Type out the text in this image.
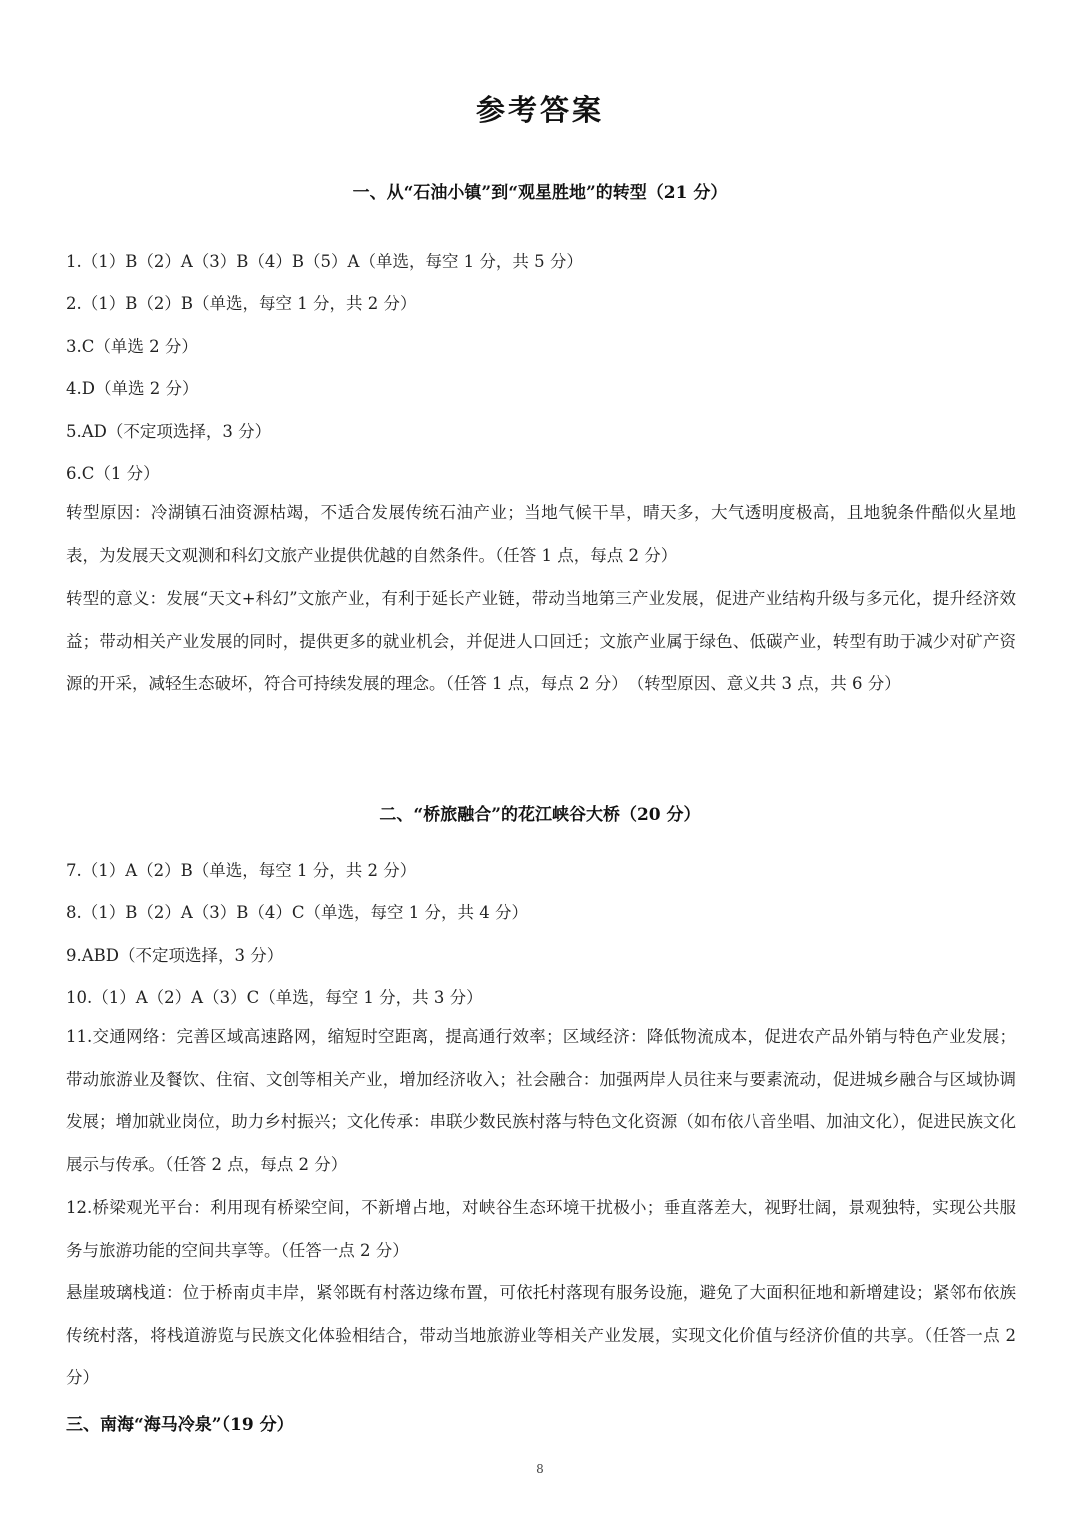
参考答案
一、从“石油小镇”到“观星胜地”的转型（21 分）
1.（1）B（2）A（3）B（4）B（5）A（单选，每空 1 分，共 5 分）
2.（1）B（2）B（单选，每空 1 分，共 2 分）
3.C（单选 2 分）
4.D（单选 2 分）
5.AD（不定项选择，3 分）
6.C（1 分）
转型原因：冷湖镇石油资源枯竭，不适合发展传统石油产业；当地气候干旱，晴天多，大气透明度极高，且地貌条件酷似火星地表，为发展天文观测和科幻文旅产业提供优越的自然条件。（任答 1 点，每点 2 分）
转型的意义：发展“天文+科幻”文旅产业，有利于延长产业链，带动当地第三产业发展，促进产业结构升级与多元化，提升经济效益；带动相关产业发展的同时，提供更多的就业机会，并促进人口回迁；文旅产业属于绿色、低碳产业，转型有助于减少对矿产资源的开采，减轻生态破坏，符合可持续发展的理念。（任答 1 点，每点 2 分）　（转型原因、意义共 3 点，共 6 分）
二、“桥旅融合”的花江峡谷大桥（20 分）
7.（1）A（2）B（单选，每空 1 分，共 2 分）
8.（1）B（2）A（3）B（4）C（单选，每空 1 分，共 4 分）
9.ABD（不定项选择，3 分）
10.（1）A（2）A（3）C（单选，每空 1 分，共 3 分）
11.交通网络：完善区域高速路网，缩短时空距离，提高通行效率；区域经济：降低物流成本，促进农产品外销与特色产业发展；带动旅游业及餐饮、住宿、文创等相关产业，增加经济收入；社会融合：加强两岸人员往来与要素流动，促进城乡融合与区域协调发展；增加就业岗位，助力乡村振兴；文化传承：串联少数民族村落与特色文化资源（如布依八音坐唱、加油文化），促进民族文化展示与传承。（任答 2 点，每点 2 分）
12.桥梁观光平台：利用现有桥梁空间，不新增占地，对峡谷生态环境干扰极小；垂直落差大，视野壮阔，景观独特，实现公共服务与旅游功能的空间共享等。（任答一点 2 分）
悬崖玻璃栈道：位于桥南贞丰岸，紧邻既有村落边缘布置，可依托村落现有服务设施，避免了大面积征地和新增建设；紧邻布依族传统村落，将栈道游览与民族文化体验相结合，带动当地旅游业等相关产业发展，实现文化价值与经济价值的共享。（任答一点 2 分）
三、南海“海马冷泉”（19 分）
8
